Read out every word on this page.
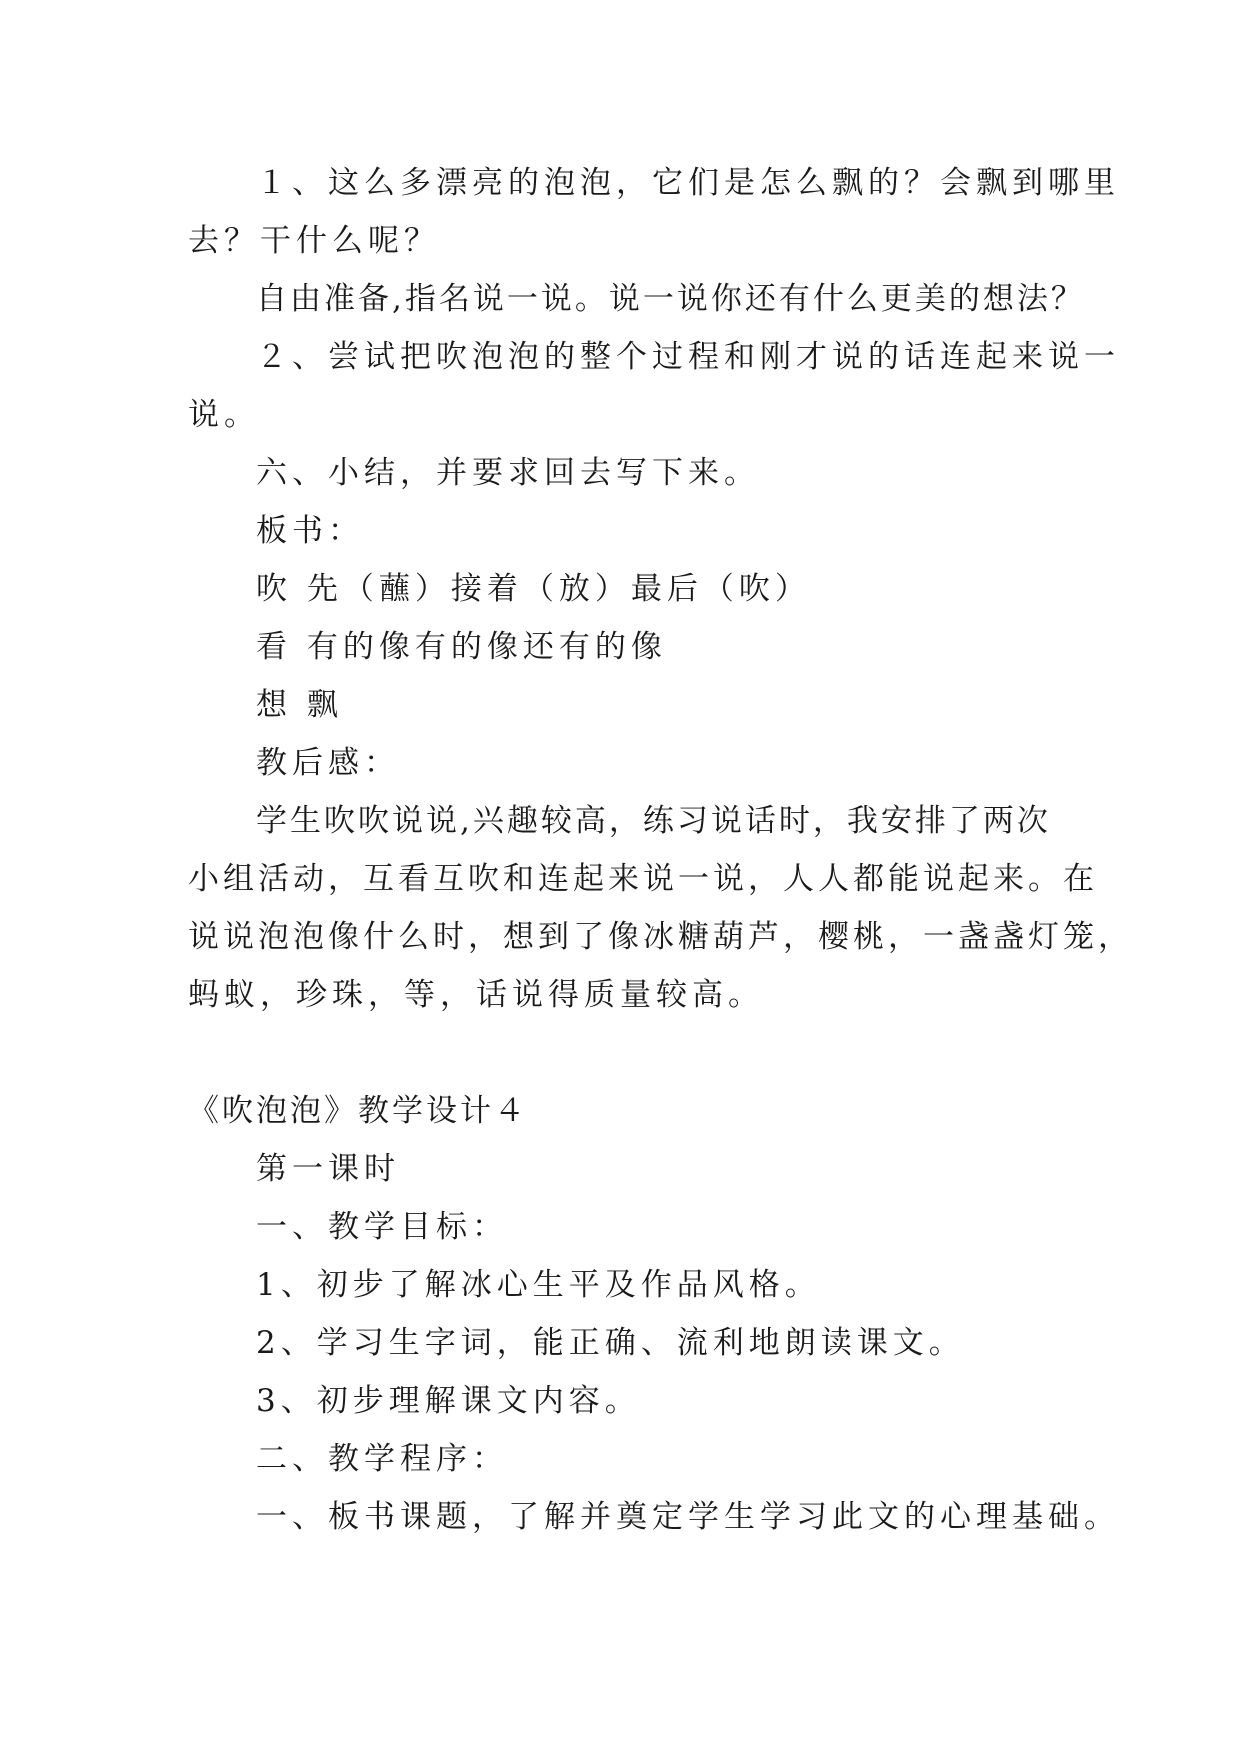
１、这么多漂亮的泡泡，它们是怎么飘的？会飘到哪里
去？干什么呢？
自由准备,指名说一说。说一说你还有什么更美的想法？
２、尝试把吹泡泡的整个过程和刚才说的话连起来说一
说。
六、小结，并要求回去写下来。
板书：
吹 先（蘸）接着（放）最后（吹）
看 有的像有的像还有的像
想 飘
教后感：
学生吹吹说说,兴趣较高，练习说话时，我安排了两次
小组活动，互看互吹和连起来说一说，人人都能说起来。在
说说泡泡像什么时，想到了像冰糖葫芦，樱桃，一盏盏灯笼，
蚂蚁，珍珠，等，话说得质量较高。
《吹泡泡》教学设计４
第一课时
一、教学目标：
1、初步了解冰心生平及作品风格。
2、学习生字词，能正确、流利地朗读课文。
3、初步理解课文内容。
二、教学程序：
一、板书课题，了解并奠定学生学习此文的心理基础。
